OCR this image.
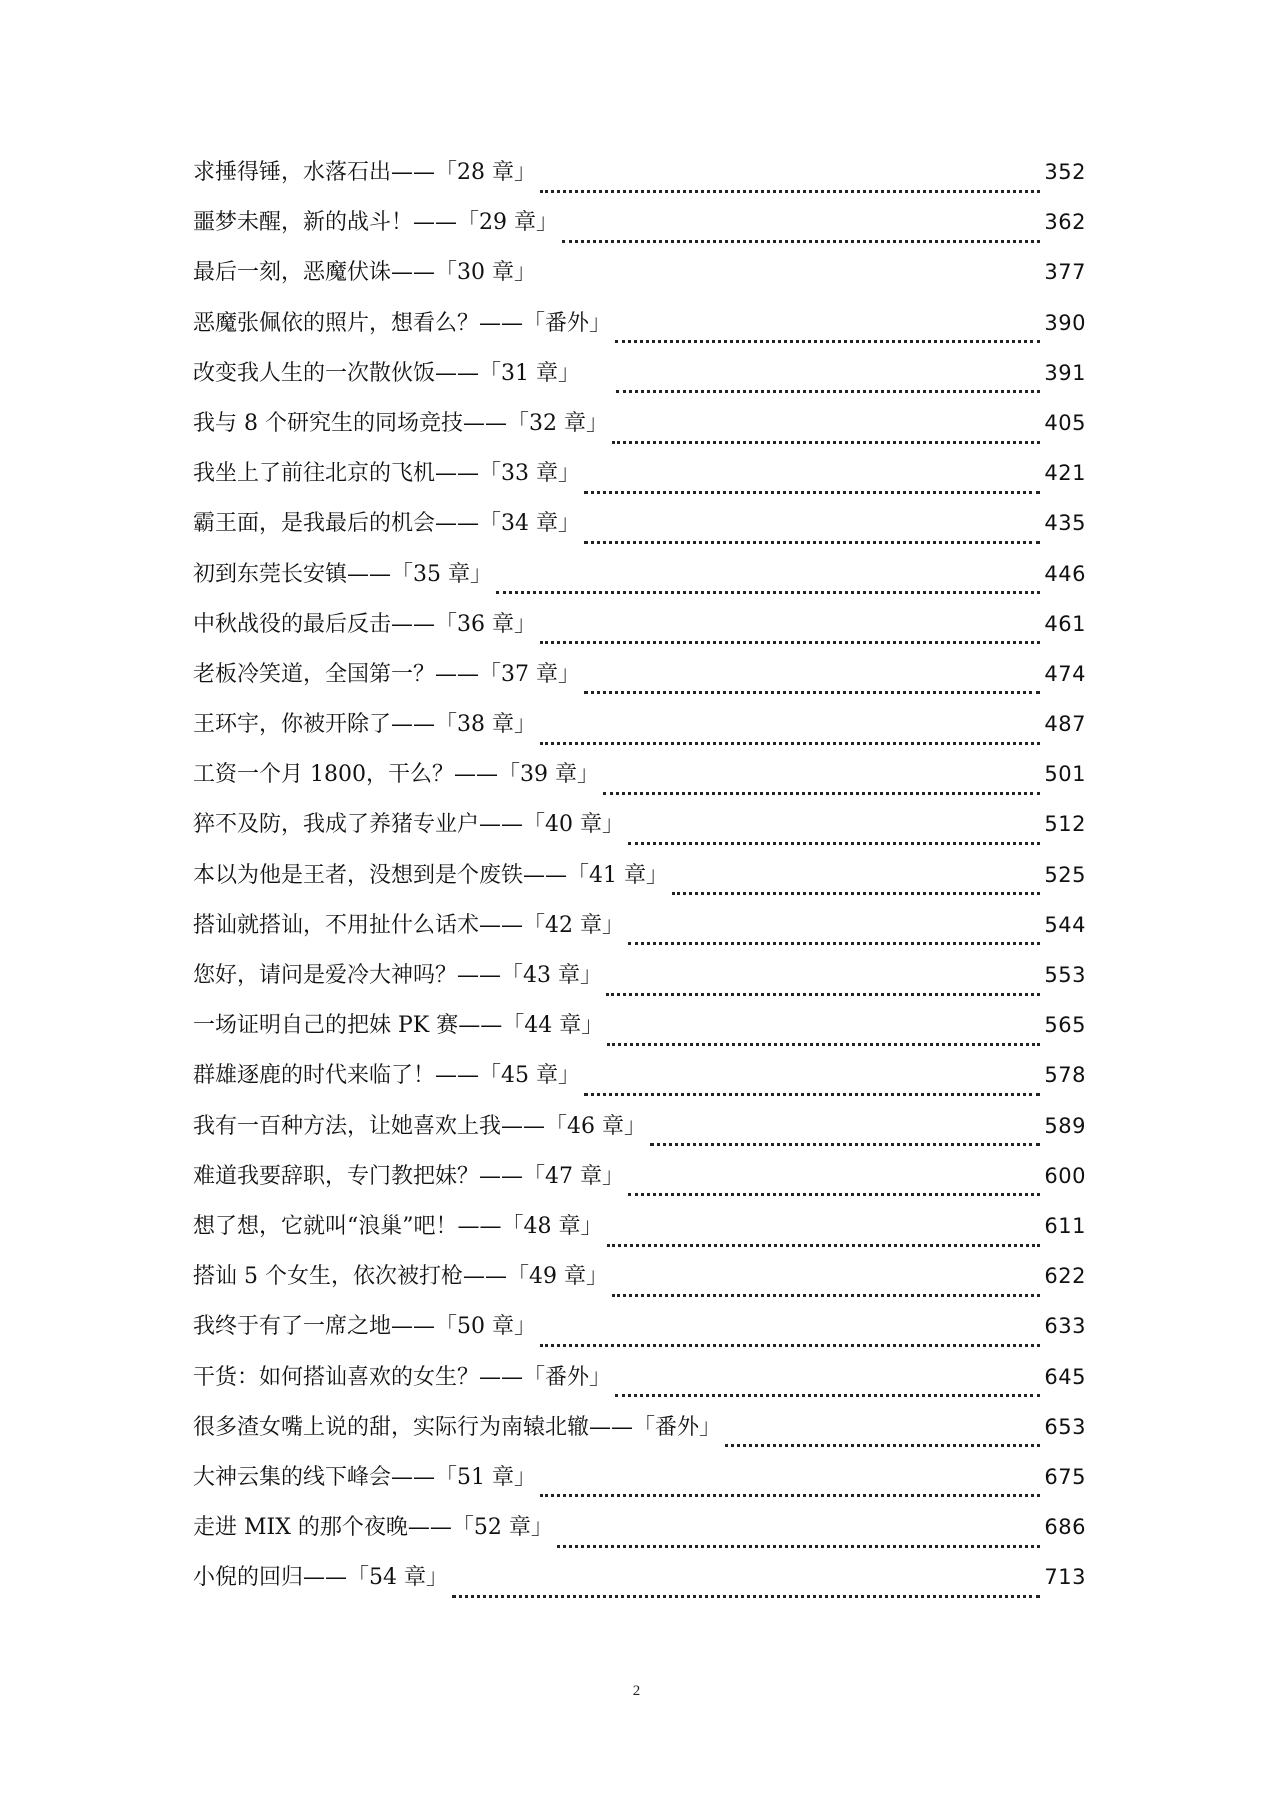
求捶得锤，水落石出—— 「28 章」	352
噩梦未醒，新的战斗！—— 「29 章」	362
最后一刻，恶魔伏诛—— 「30 章」	377
恶魔张佩依的照片，想看么？—— 「番外」	390
改变我人生的一次散伙饭—— 「31 章」	391
我与 8 个研究生的同场竞技—— 「32 章」	405
我坐上了前往北京的飞机—— 「33 章」	421
霸王面，是我最后的机会—— 「34 章」	435
初到东莞长安镇—— 「35 章」	446
中秋战役的最后反击—— 「36 章」	461
老板冷笑道，全国第一？—— 「37 章」	474
王环宇，你被开除了—— 「38 章」	487
工资一个月 1800，干么？—— 「39 章」	501
猝不及防，我成了养猪专业户—— 「40 章」	512
本以为他是王者，没想到是个废铁—— 「41 章」	525
搭讪就搭讪，不用扯什么话术—— 「42 章」	544
您好，请问是爱冷大神吗？—— 「43 章」	553
一场证明自己的把妹 PK 赛—— 「44 章」	565
群雄逐鹿的时代来临了！—— 「45 章」	578
我有一百种方法，让她喜欢上我—— 「46 章」	589
难道我要辞职，专门教把妹？—— 「47 章」	600
想了想，它就叫“浪巢”吧！—— 「48 章」	611
搭讪 5 个女生，依次被打枪—— 「49 章」	622
我终于有了一席之地—— 「50 章」	633
干货：如何搭讪喜欢的女生？—— 「番外」	645
很多渣女嘴上说的甜，实际行为南辕北辙—— 「番外」	653
大神云集的线下峰会—— 「51 章」	675
走进 MIX 的那个夜晚—— 「52 章」	686
小倪的回归—— 「54 章」	713
2
